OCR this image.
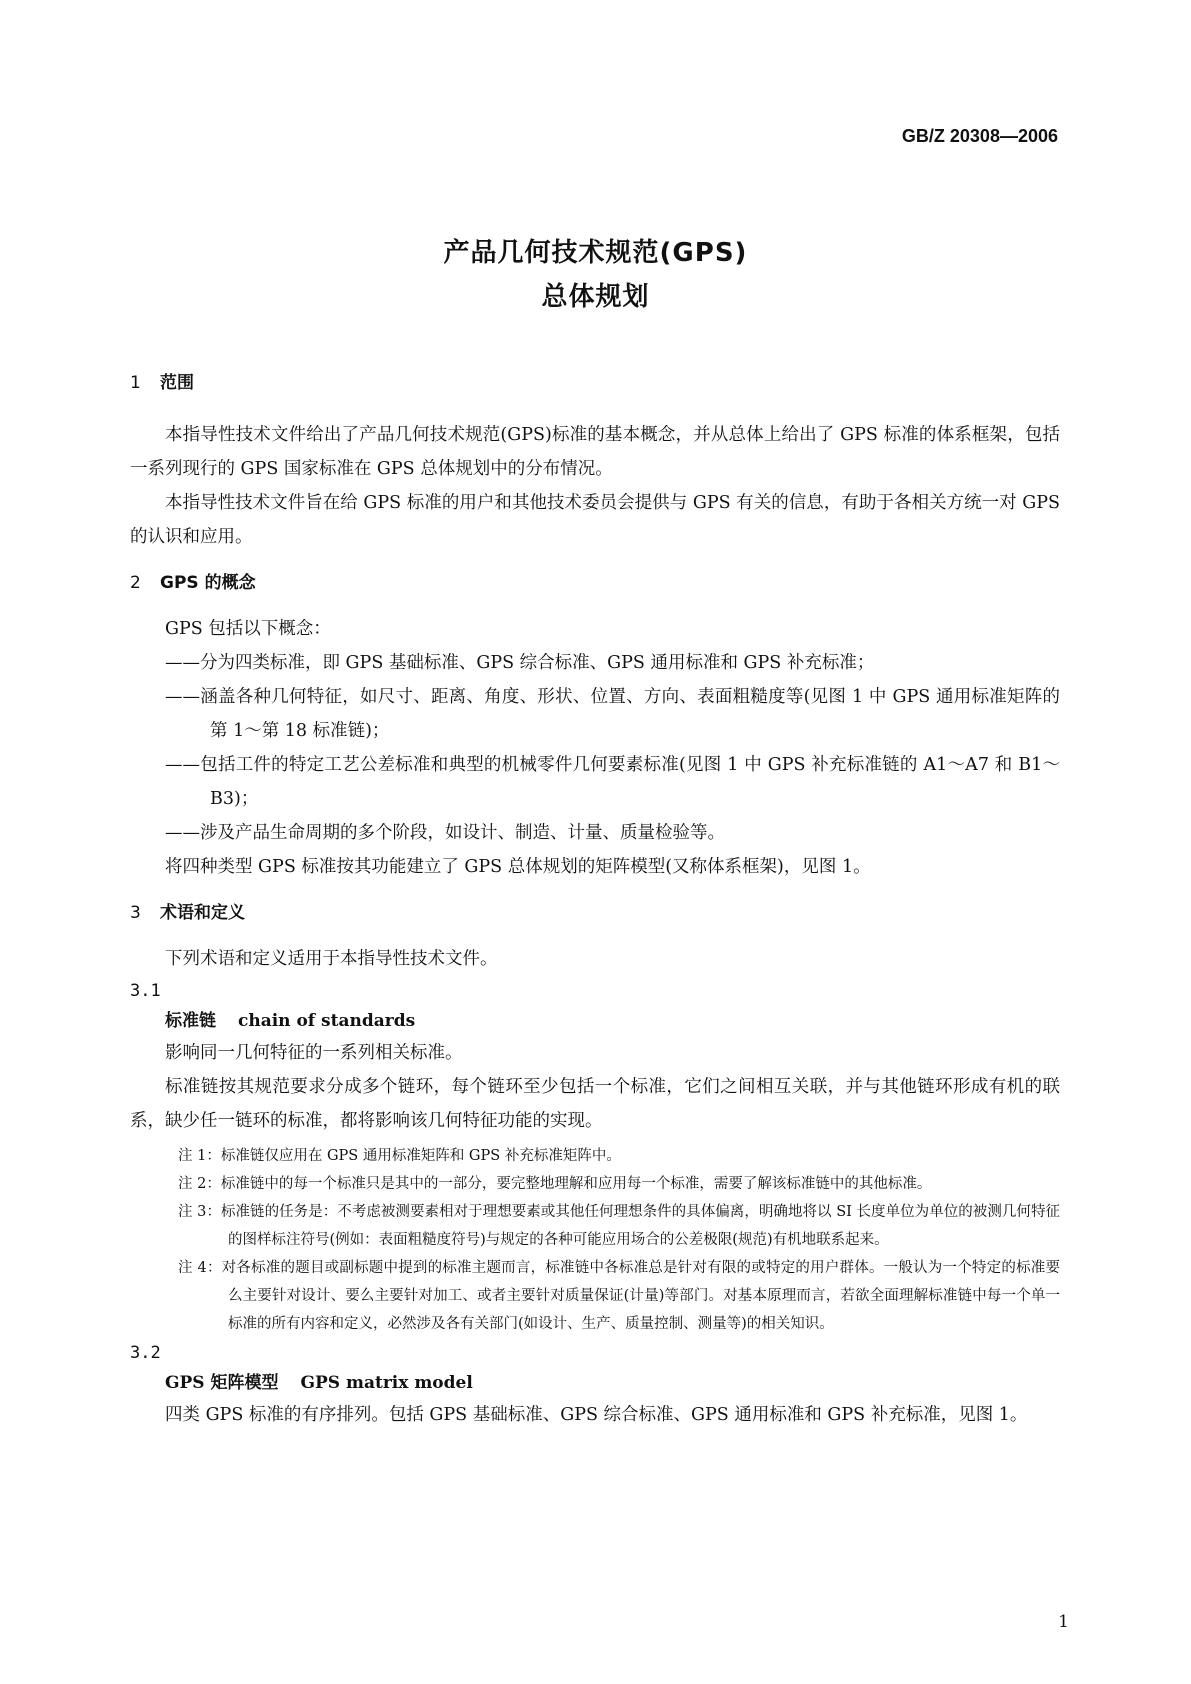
GB/Z 20308—2006
产品几何技术规范(GPS)
总体规划
1 范围

本指导性技术文件给出了产品几何技术规范(GPS)标准的基本概念，并从总体上给出了 GPS 标准的体系框架，包括一系列现行的 GPS 国家标准在 GPS 总体规划中的分布情况。

本指导性技术文件旨在给 GPS 标准的用户和其他技术委员会提供与 GPS 有关的信息，有助于各相关方统一对 GPS 的认识和应用。

2 GPS 的概念

GPS 包括以下概念：

——分为四类标准，即 GPS 基础标准、GPS 综合标准、GPS 通用标准和 GPS 补充标准；

——涵盖各种几何特征，如尺寸、距离、角度、形状、位置、方向、表面粗糙度等(见图 1 中 GPS 通用标准矩阵的第 1～第 18 标准链)；

——包括工件的特定工艺公差标准和典型的机械零件几何要素标准(见图 1 中 GPS 补充标准链的 A1～A7 和 B1～B3)；

——涉及产品生命周期的多个阶段，如设计、制造、计量、质量检验等。

将四种类型 GPS 标准按其功能建立了 GPS 总体规划的矩阵模型(又称体系框架)，见图 1。

3 术语和定义

下列术语和定义适用于本指导性技术文件。

3.1
标准链 chain of standards

影响同一几何特征的一系列相关标准。

标准链按其规范要求分成多个链环，每个链环至少包括一个标准，它们之间相互关联，并与其他链环形成有机的联系，缺少任一链环的标准，都将影响该几何特征功能的实现。

注 1：标准链仅应用在 GPS 通用标准矩阵和 GPS 补充标准矩阵中。

注 2：标准链中的每一个标准只是其中的一部分，要完整地理解和应用每一个标准，需要了解该标准链中的其他标准。

注 3：标准链的任务是：不考虑被测要素相对于理想要素或其他任何理想条件的具体偏离，明确地将以 SI 长度单位为单位的被测几何特征的图样标注符号(例如：表面粗糙度符号)与规定的各种可能应用场合的公差极限(规范)有机地联系起来。

注 4：对各标准的题目或副标题中提到的标准主题而言，标准链中各标准总是针对有限的或特定的用户群体。一般认为一个特定的标准要么主要针对设计、要么主要针对加工、或者主要针对质量保证(计量)等部门。对基本原理而言，若欲全面理解标准链中每一个单一标准的所有内容和定义，必然涉及各有关部门(如设计、生产、质量控制、测量等)的相关知识。

3.2
GPS 矩阵模型 GPS matrix model

四类 GPS 标准的有序排列。包括 GPS 基础标准、GPS 综合标准、GPS 通用标准和 GPS 补充标准，见图 1。

1
